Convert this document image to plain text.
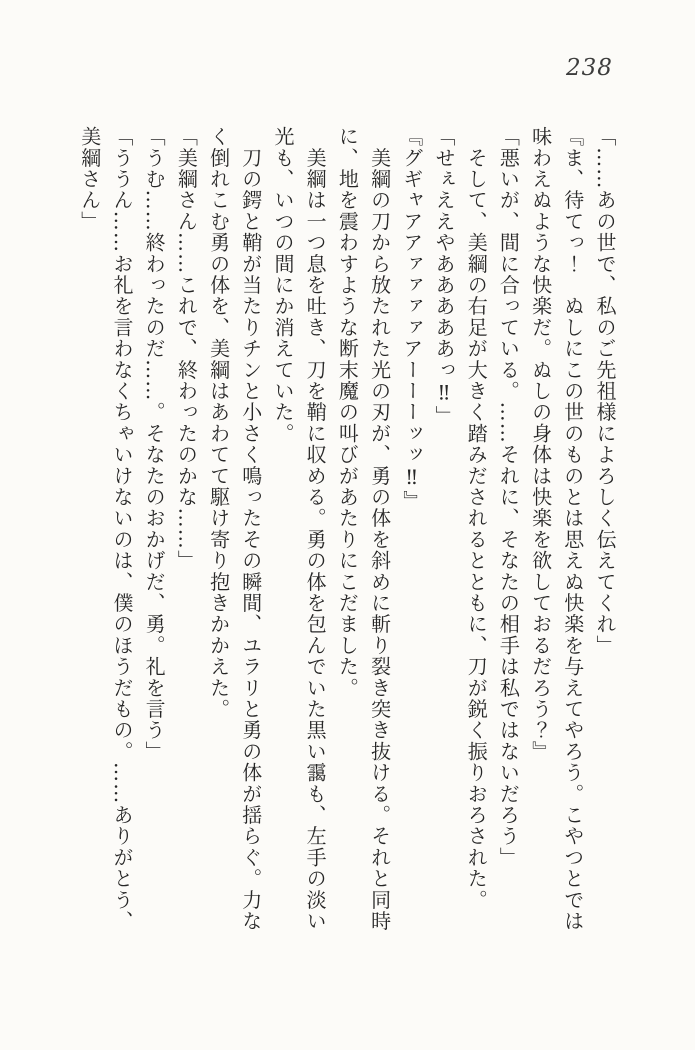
238

「……あの世で、私のご先祖様によろしく伝えてくれ」

『ま、待てっ！　ぬしにこの世のものとは思えぬ快楽を与えてやろう。こやつとでは

味わえぬような快楽だ。ぬしの身体は快楽を欲しておるだろう？』

「悪いが、間に合っている。……それに、そなたの相手は私ではないだろう」

　そして、美綱の右足が大きく踏みだされるとともに、刀が鋭く振りおろされた。

「せぇええやあああああっ‼」

『グギャアアァァァァアーーーッッ‼』

　美綱の刀から放たれた光の刃が、勇の体を斜めに斬り裂き突き抜ける。それと同時

に、地を震わすような断末魔の叫びがあたりにこだました。

　美綱は一つ息を吐き、刀を鞘に収める。勇の体を包んでいた黒い靄も、左手の淡い

光も、いつの間にか消えていた。

　刀の鍔と鞘が当たりチンと小さく鳴ったその瞬間、ユラリと勇の体が揺らぐ。力な

く倒れこむ勇の体を、美綱はあわてて駆け寄り抱きかかえた。

「美綱さん……これで、終わったのかな……」

「うむ……終わったのだ……。そなたのおかげだ、勇。礼を言う」

「ううん……お礼を言わなくちゃいけないのは、僕のほうだもの。……ありがとう、

美綱さん」
